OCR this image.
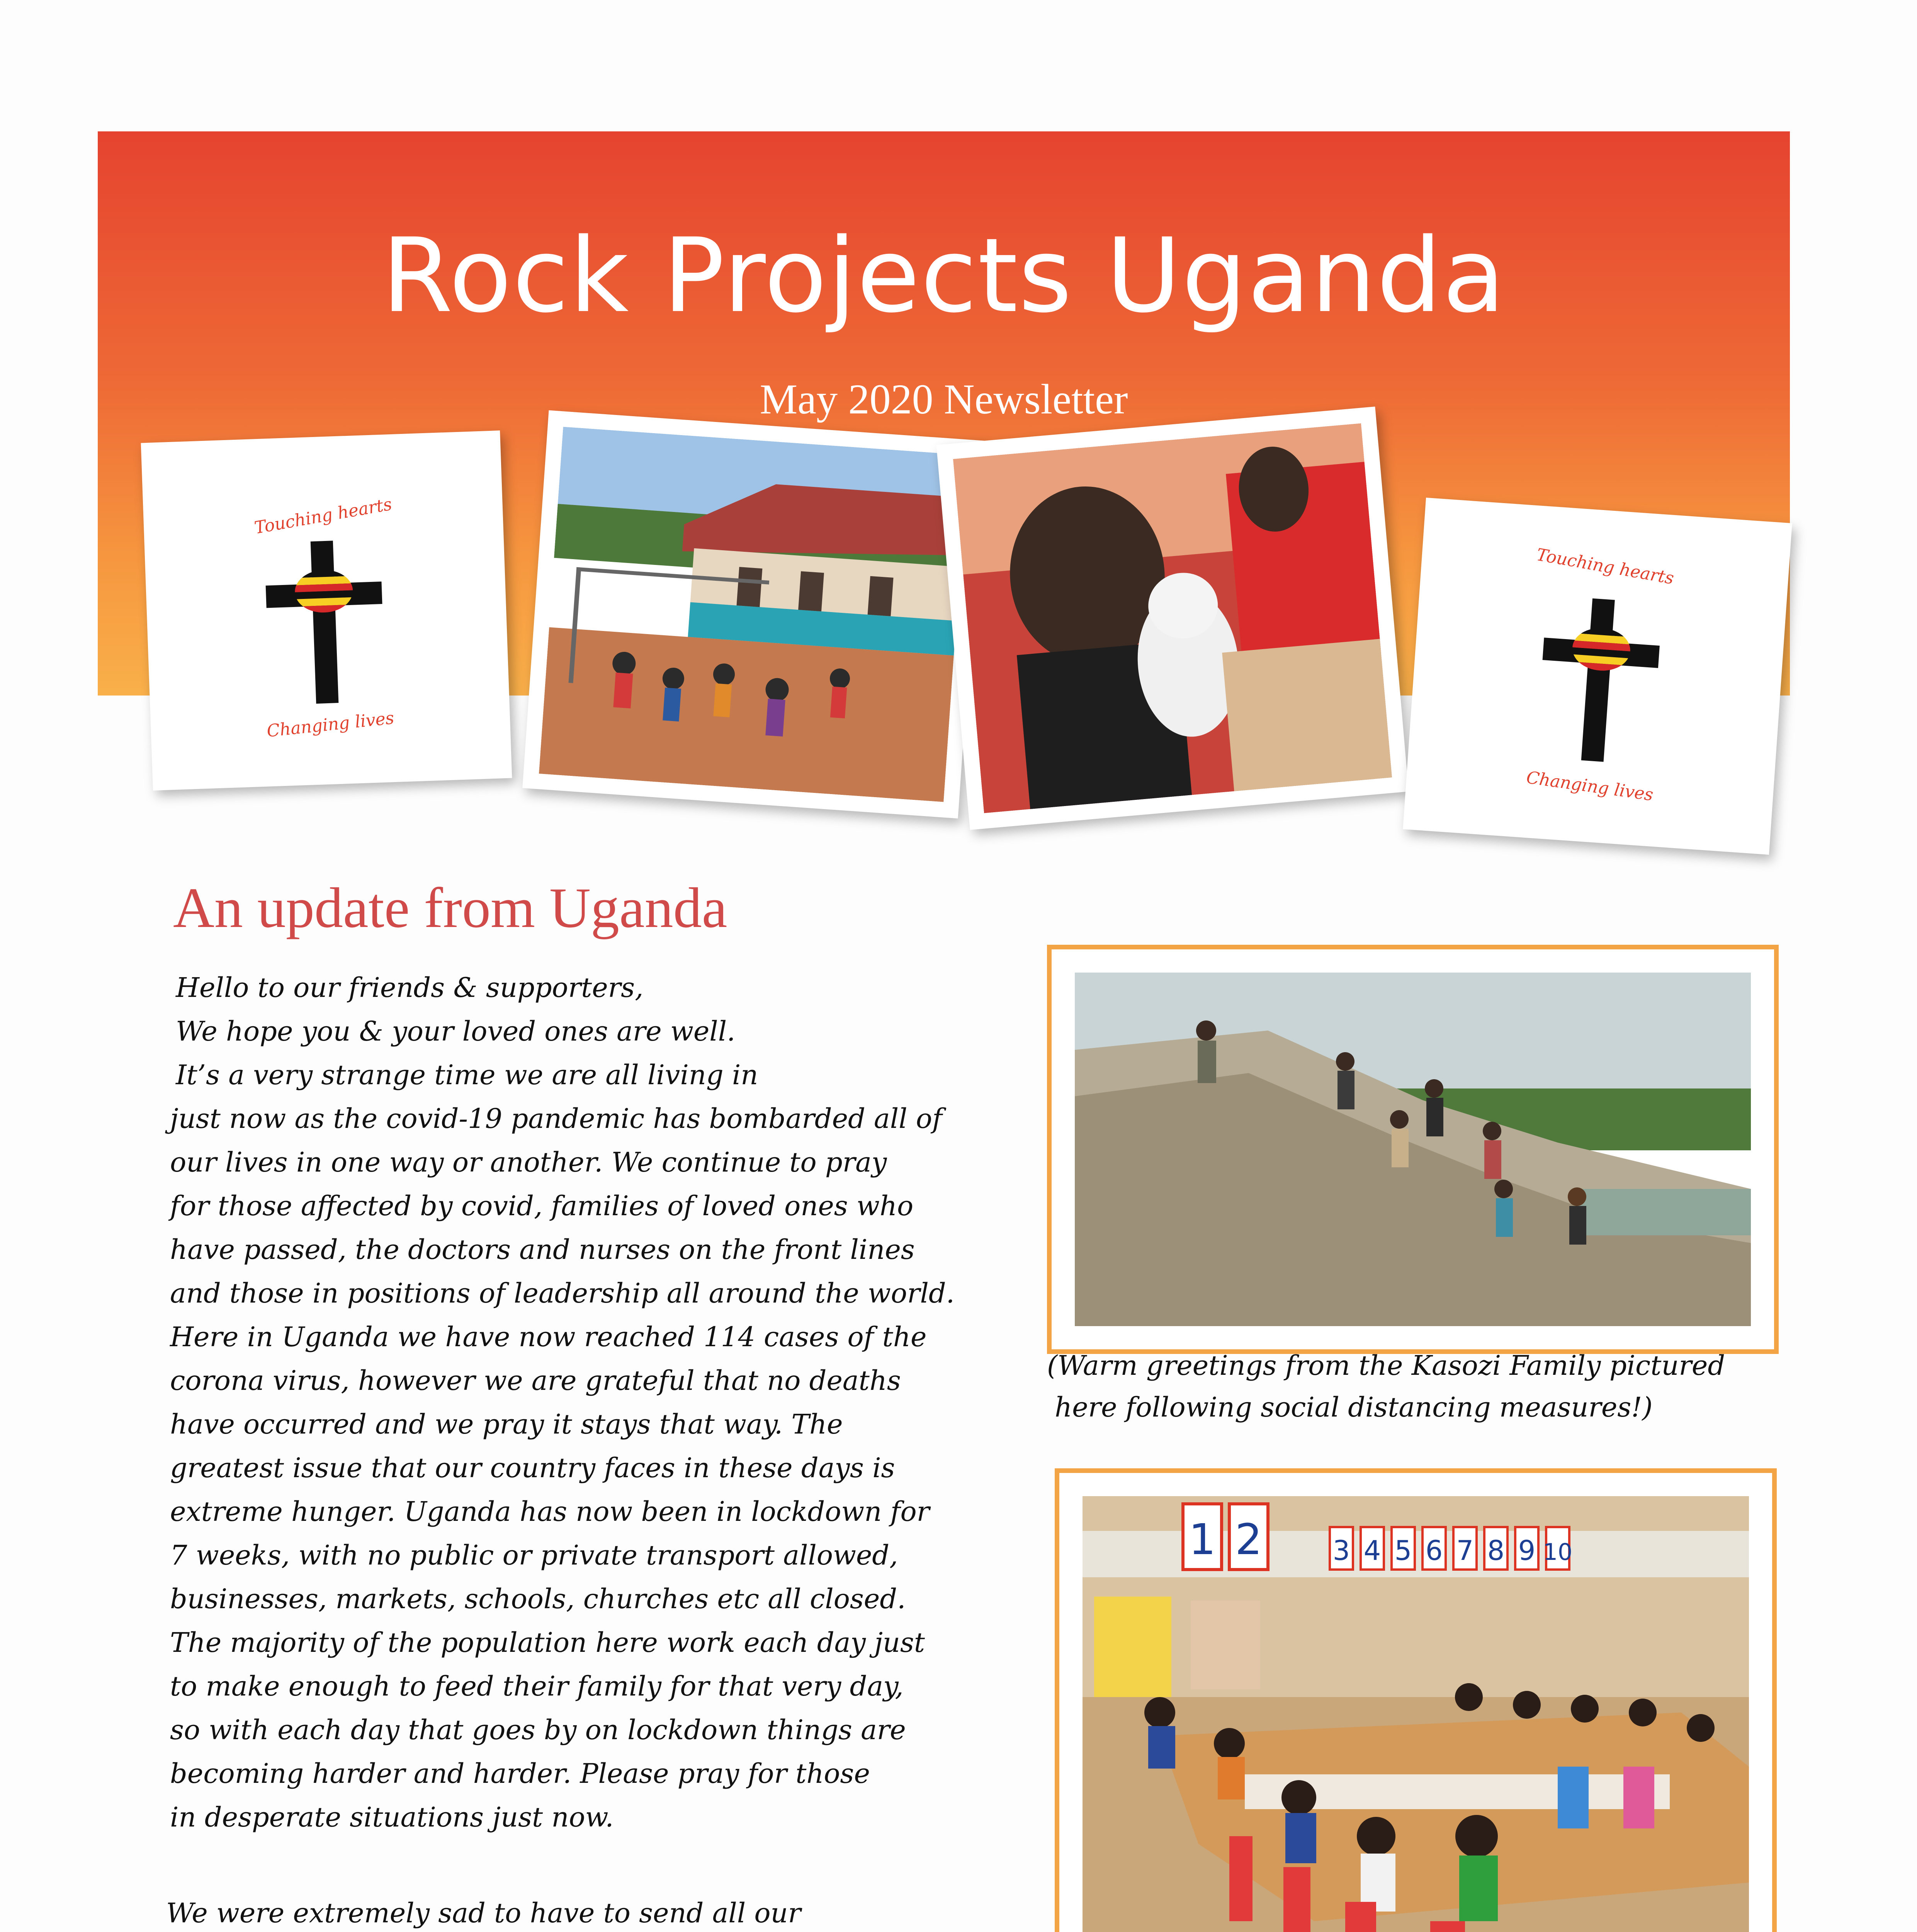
Rock Projects Uganda
May 2020 Newsletter
Touching hearts
Changing lives
Touching hearts
Changing lives
An update from Uganda

Hello to our friends & supporters,

We hope you & your loved ones are well.

It’s a very strange time we are all living in

just now as the covid-19 pandemic has bombarded all of

our lives in one way or another. We continue to pray

for those affected by covid, families of loved ones who

have passed, the doctors and nurses on the front lines

and those in positions of leadership all around the world.

Here in Uganda we have now reached 114 cases of the

corona virus, however we are grateful that no deaths

have occurred and we pray it stays that way. The

greatest issue that our country faces in these days is

extreme hunger. Uganda has now been in lockdown for

7 weeks, with no public or private transport allowed,

businesses, markets, schools, churches etc all closed.

The majority of the population here work each day just

to make enough to feed their family for that very day,

so with each day that goes by on lockdown things are

becoming harder and harder. Please pray for those

in desperate situations just now.

We were extremely sad to have to send all our

(Warm greetings from the Kasozi Family pictured

here following social distancing measures!)

1 2	3 4 5 6 7 8 9 10
